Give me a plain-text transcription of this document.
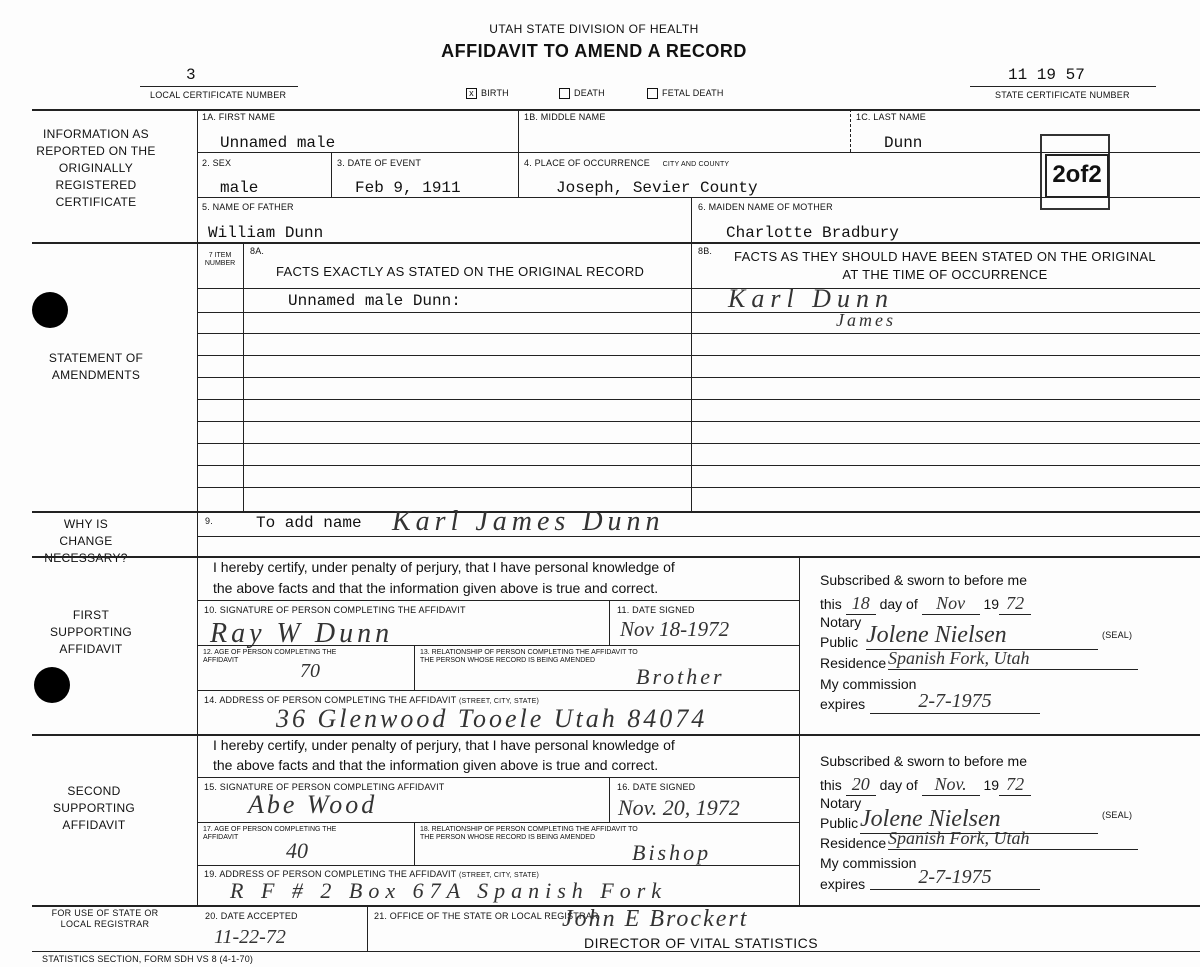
UTAH STATE DIVISION OF HEALTH
AFFIDAVIT TO AMEND A RECORD
3
LOCAL CERTIFICATE NUMBER	x BIRTH	DEATH	FETAL DEATH
11 19 57
STATE CERTIFICATE NUMBER
2of2
INFORMATION AS REPORTED ON THE ORIGINALLY REGISTERED CERTIFICATE
1A. FIRST NAME
Unnamed male
1B. MIDDLE NAME	1C. LAST NAME
Dunn
2. SEX
male
3. DATE OF EVENT
Feb 9, 1911
4. PLACE OF OCCURRENCE CITY AND COUNTY
Joseph, Sevier County
5. NAME OF FATHER
William Dunn
6. MAIDEN NAME OF MOTHER
Charlotte Bradbury
STATEMENT OF AMENDMENTS
7 ITEM NUMBER
8A.
FACTS EXACTLY AS STATED ON THE ORIGINAL RECORD
8B.	FACTS AS THEY SHOULD HAVE BEEN STATED ON THE ORIGINAL AT THE TIME OF OCCURRENCE
Unnamed male Dunn:	Karl Dunn
James
WHY IS CHANGE NECESSARY?
9.	To add name Karl James Dunn
FIRST SUPPORTING AFFIDAVIT
I hereby certify, under penalty of perjury, that I have personal knowledge of
the above facts and that the information given above is true and correct.
10. SIGNATURE OF PERSON COMPLETING THE AFFIDAVIT
Ray W Dunn
11. DATE SIGNED
Nov 18-1972
12. AGE OF PERSON COMPLETING THE AFFIDAVIT	70
13. RELATIONSHIP OF PERSON COMPLETING THE AFFIDAVIT TO THE PERSON WHOSE RECORD IS BEING AMENDED
Brother
14. ADDRESS OF PERSON COMPLETING THE AFFIDAVIT (STREET, CITY, STATE)
36 Glenwood Tooele Utah 84074
Subscribed & sworn to before me
this 18 day of Nov 19 72
Notary
Public Jolene Nielsen	(SEAL)
Residence Spanish Fork, Utah
My commission
expires	2-7-1975
SECOND SUPPORTING AFFIDAVIT
I hereby certify, under penalty of perjury, that I have personal knowledge of
the above facts and that the information given above is true and correct.
15. SIGNATURE OF PERSON COMPLETING AFFIDAVIT
Abe Wood
16. DATE SIGNED
Nov. 20, 1972
17. AGE OF PERSON COMPLETING THE AFFIDAVIT
40
18. RELATIONSHIP OF PERSON COMPLETING THE AFFIDAVIT TO THE PERSON WHOSE RECORD IS BEING AMENDED
Bishop
19. ADDRESS OF PERSON COMPLETING THE AFFIDAVIT (STREET, CITY, STATE)
R F # 2 Box 67A Spanish Fork
Subscribed & sworn to before me
this 20 day of Nov. 19 72
Notary
Public Jolene Nielsen	(SEAL)
Residence Spanish Fork, Utah
My commission
expires	2-7-1975
FOR USE OF STATE OR LOCAL REGISTRAR
20. DATE ACCEPTED
11-22-72
21. OFFICE OF THE STATE OR LOCAL REGISTRAR
John E Brockert
DIRECTOR OF VITAL STATISTICS
STATISTICS SECTION, FORM SDH VS 8 (4-1-70)
